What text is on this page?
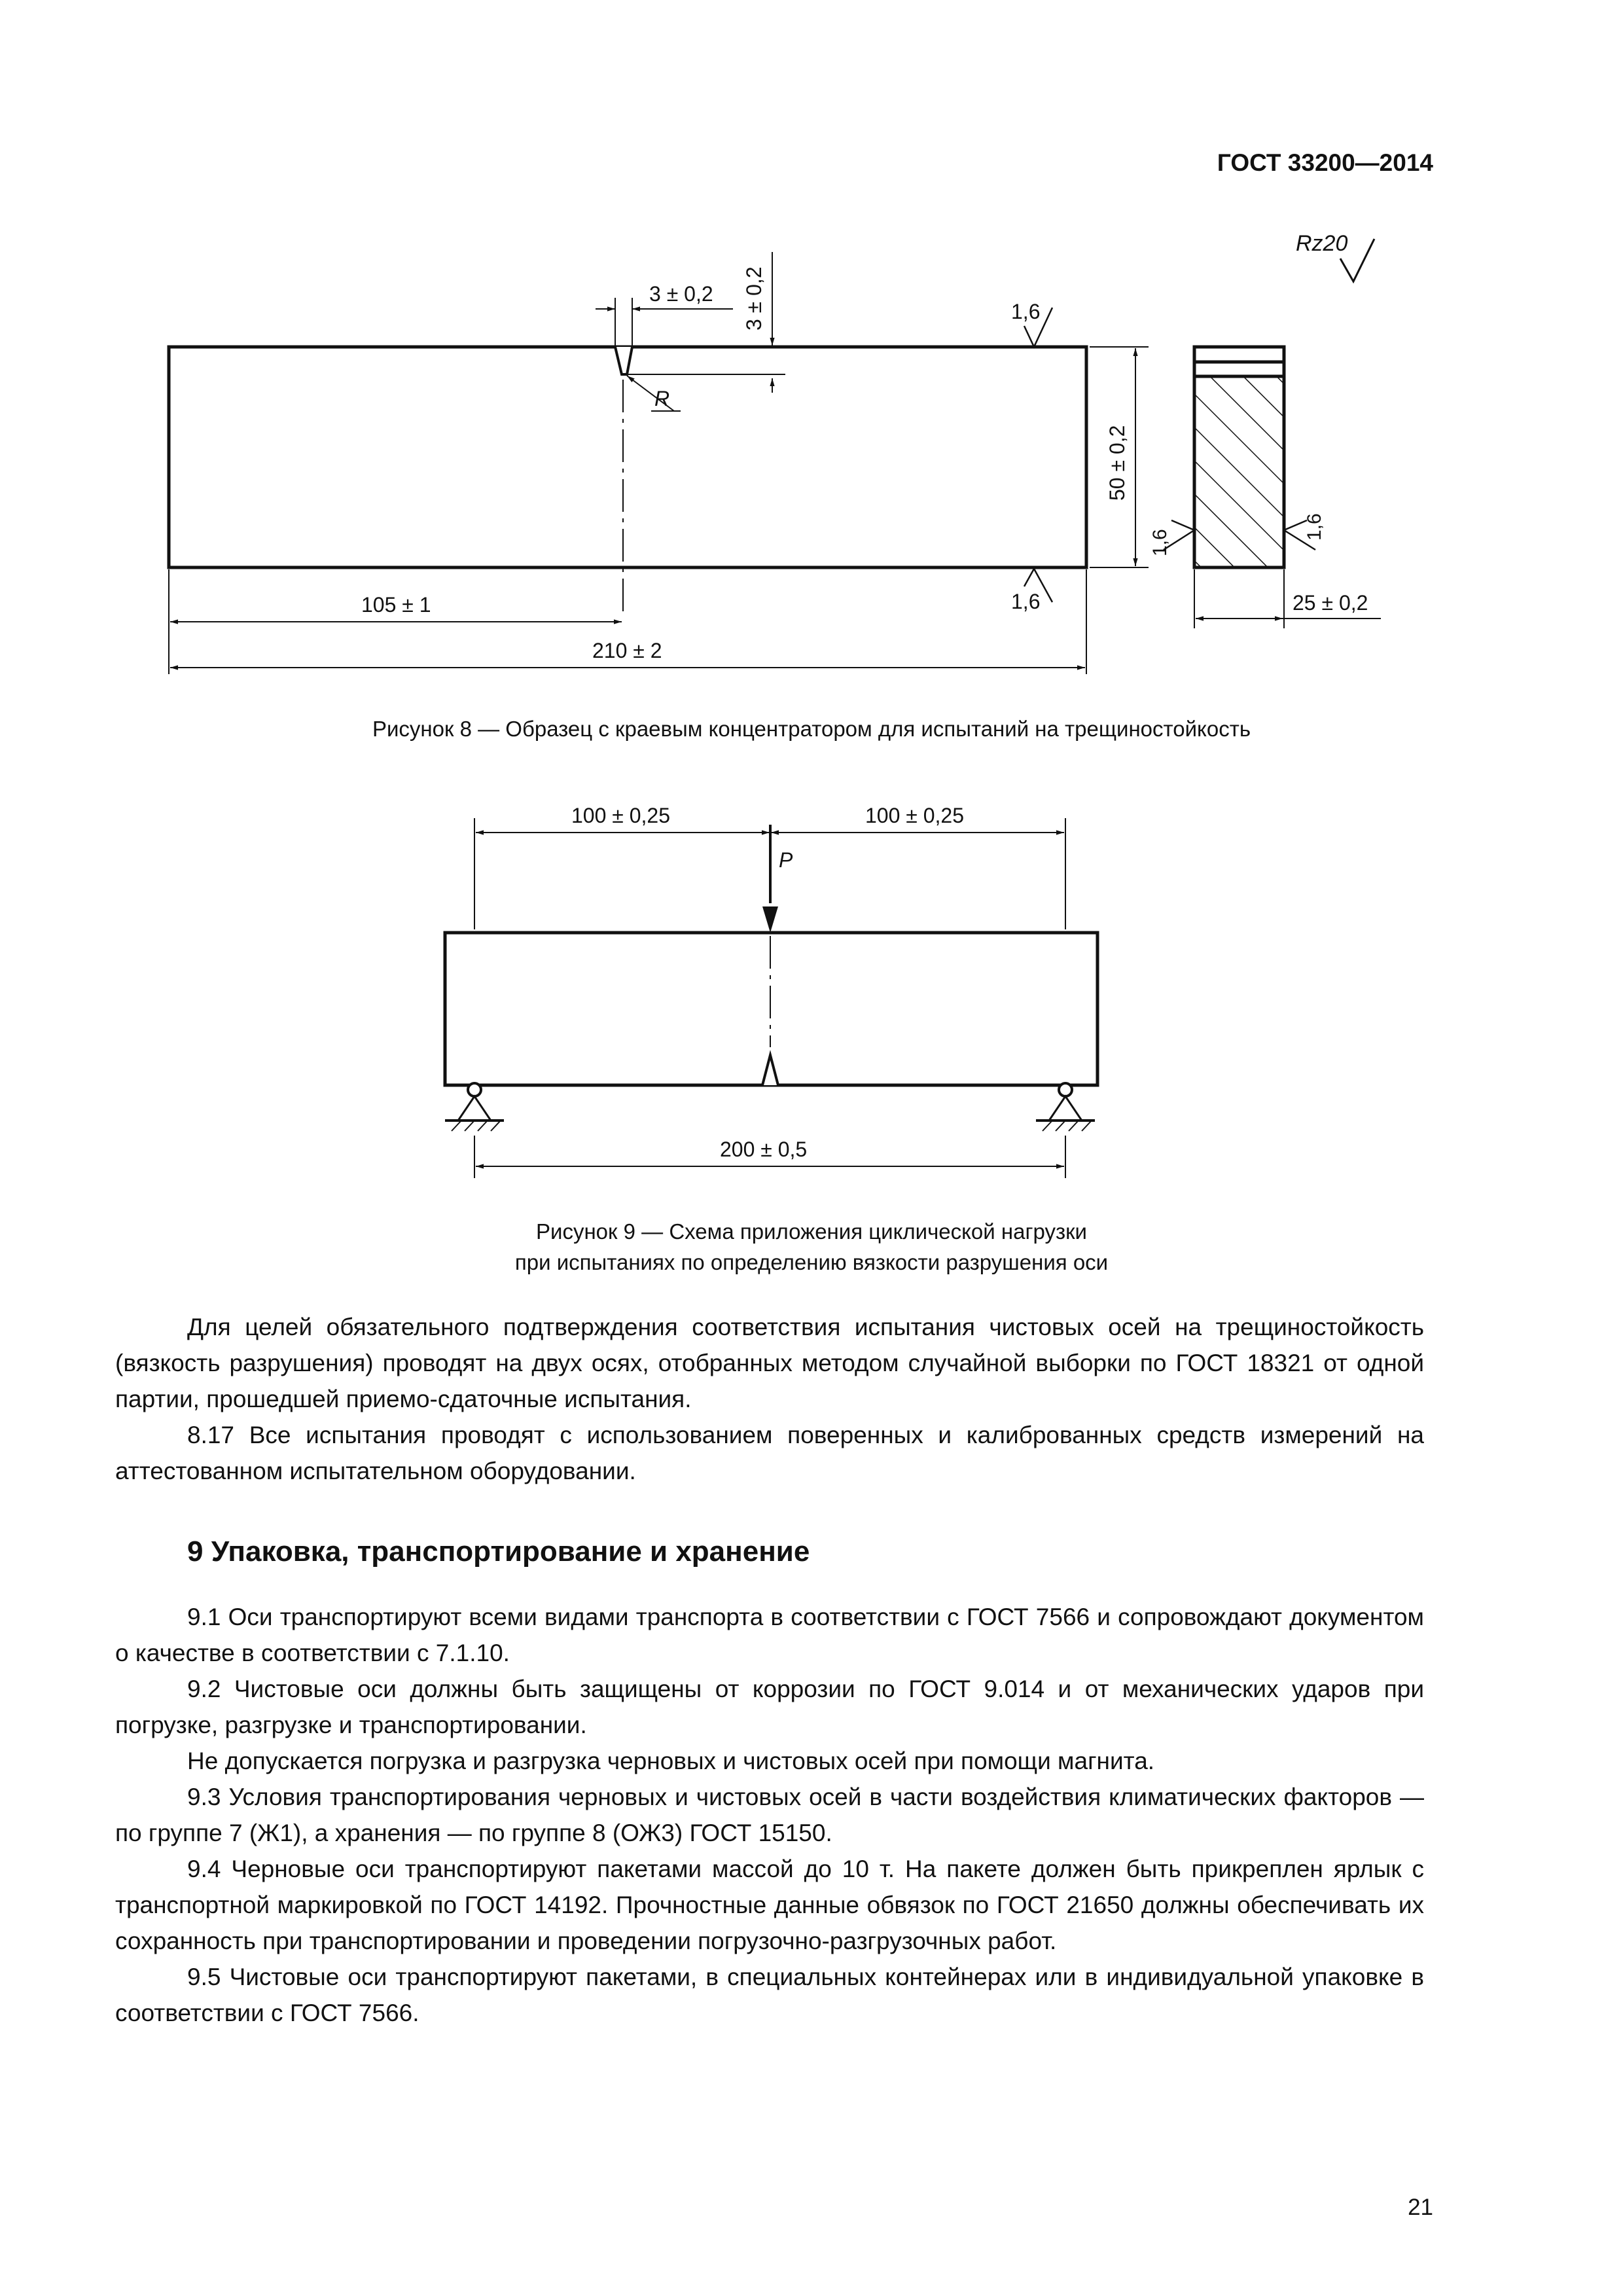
ГОСТ 33200—2014
Rz20
3 ± 0,2 3 ± 0,2
R
1,6
1,6
50 ± 0,2
105 ± 1
210 ± 2
1,6
1,6
25 ± 0,2
Рисунок 8 — Образец с краевым концентратором для испытаний на трещиностойкость
100 ± 0,25	100 ± 0,25
P
200 ± 0,5
Рисунок 9 — Схема приложения циклической нагрузки
при испытаниях по определению вязкости разрушения оси

Для целей обязательного подтверждения соответствия испытания чистовых осей на трещиностойкость (вязкость разрушения) проводят на двух осях, отобранных методом случайной выборки по ГОСТ 18321 от одной партии, прошедшей приемо-сдаточные испытания.

8.17 Все испытания проводят с использованием поверенных и калиброванных средств измерений на аттестованном испытательном оборудовании.

9 Упаковка, транспортирование и хранение

9.1 Оси транспортируют всеми видами транспорта в соответствии с ГОСТ 7566 и сопровождают документом о качестве в соответствии с 7.1.10.

9.2 Чистовые оси должны быть защищены от коррозии по ГОСТ 9.014 и от механических ударов при погрузке, разгрузке и транспортировании.

Не допускается погрузка и разгрузка черновых и чистовых осей при помощи магнита.

9.3 Условия транспортирования черновых и чистовых осей в части воздействия климатических факторов — по группе 7 (Ж1), а хранения — по группе 8 (ОЖ3) ГОСТ 15150.

9.4 Черновые оси транспортируют пакетами массой до 10 т. На пакете должен быть прикреплен ярлык с транспортной маркировкой по ГОСТ 14192. Прочностные данные обвязок по ГОСТ 21650 должны обеспечивать их сохранность при транспортировании и проведении погрузочно-разгрузочных работ.

9.5 Чистовые оси транспортируют пакетами, в специальных контейнерах или в индивидуальной упаковке в соответствии с ГОСТ 7566.

21
